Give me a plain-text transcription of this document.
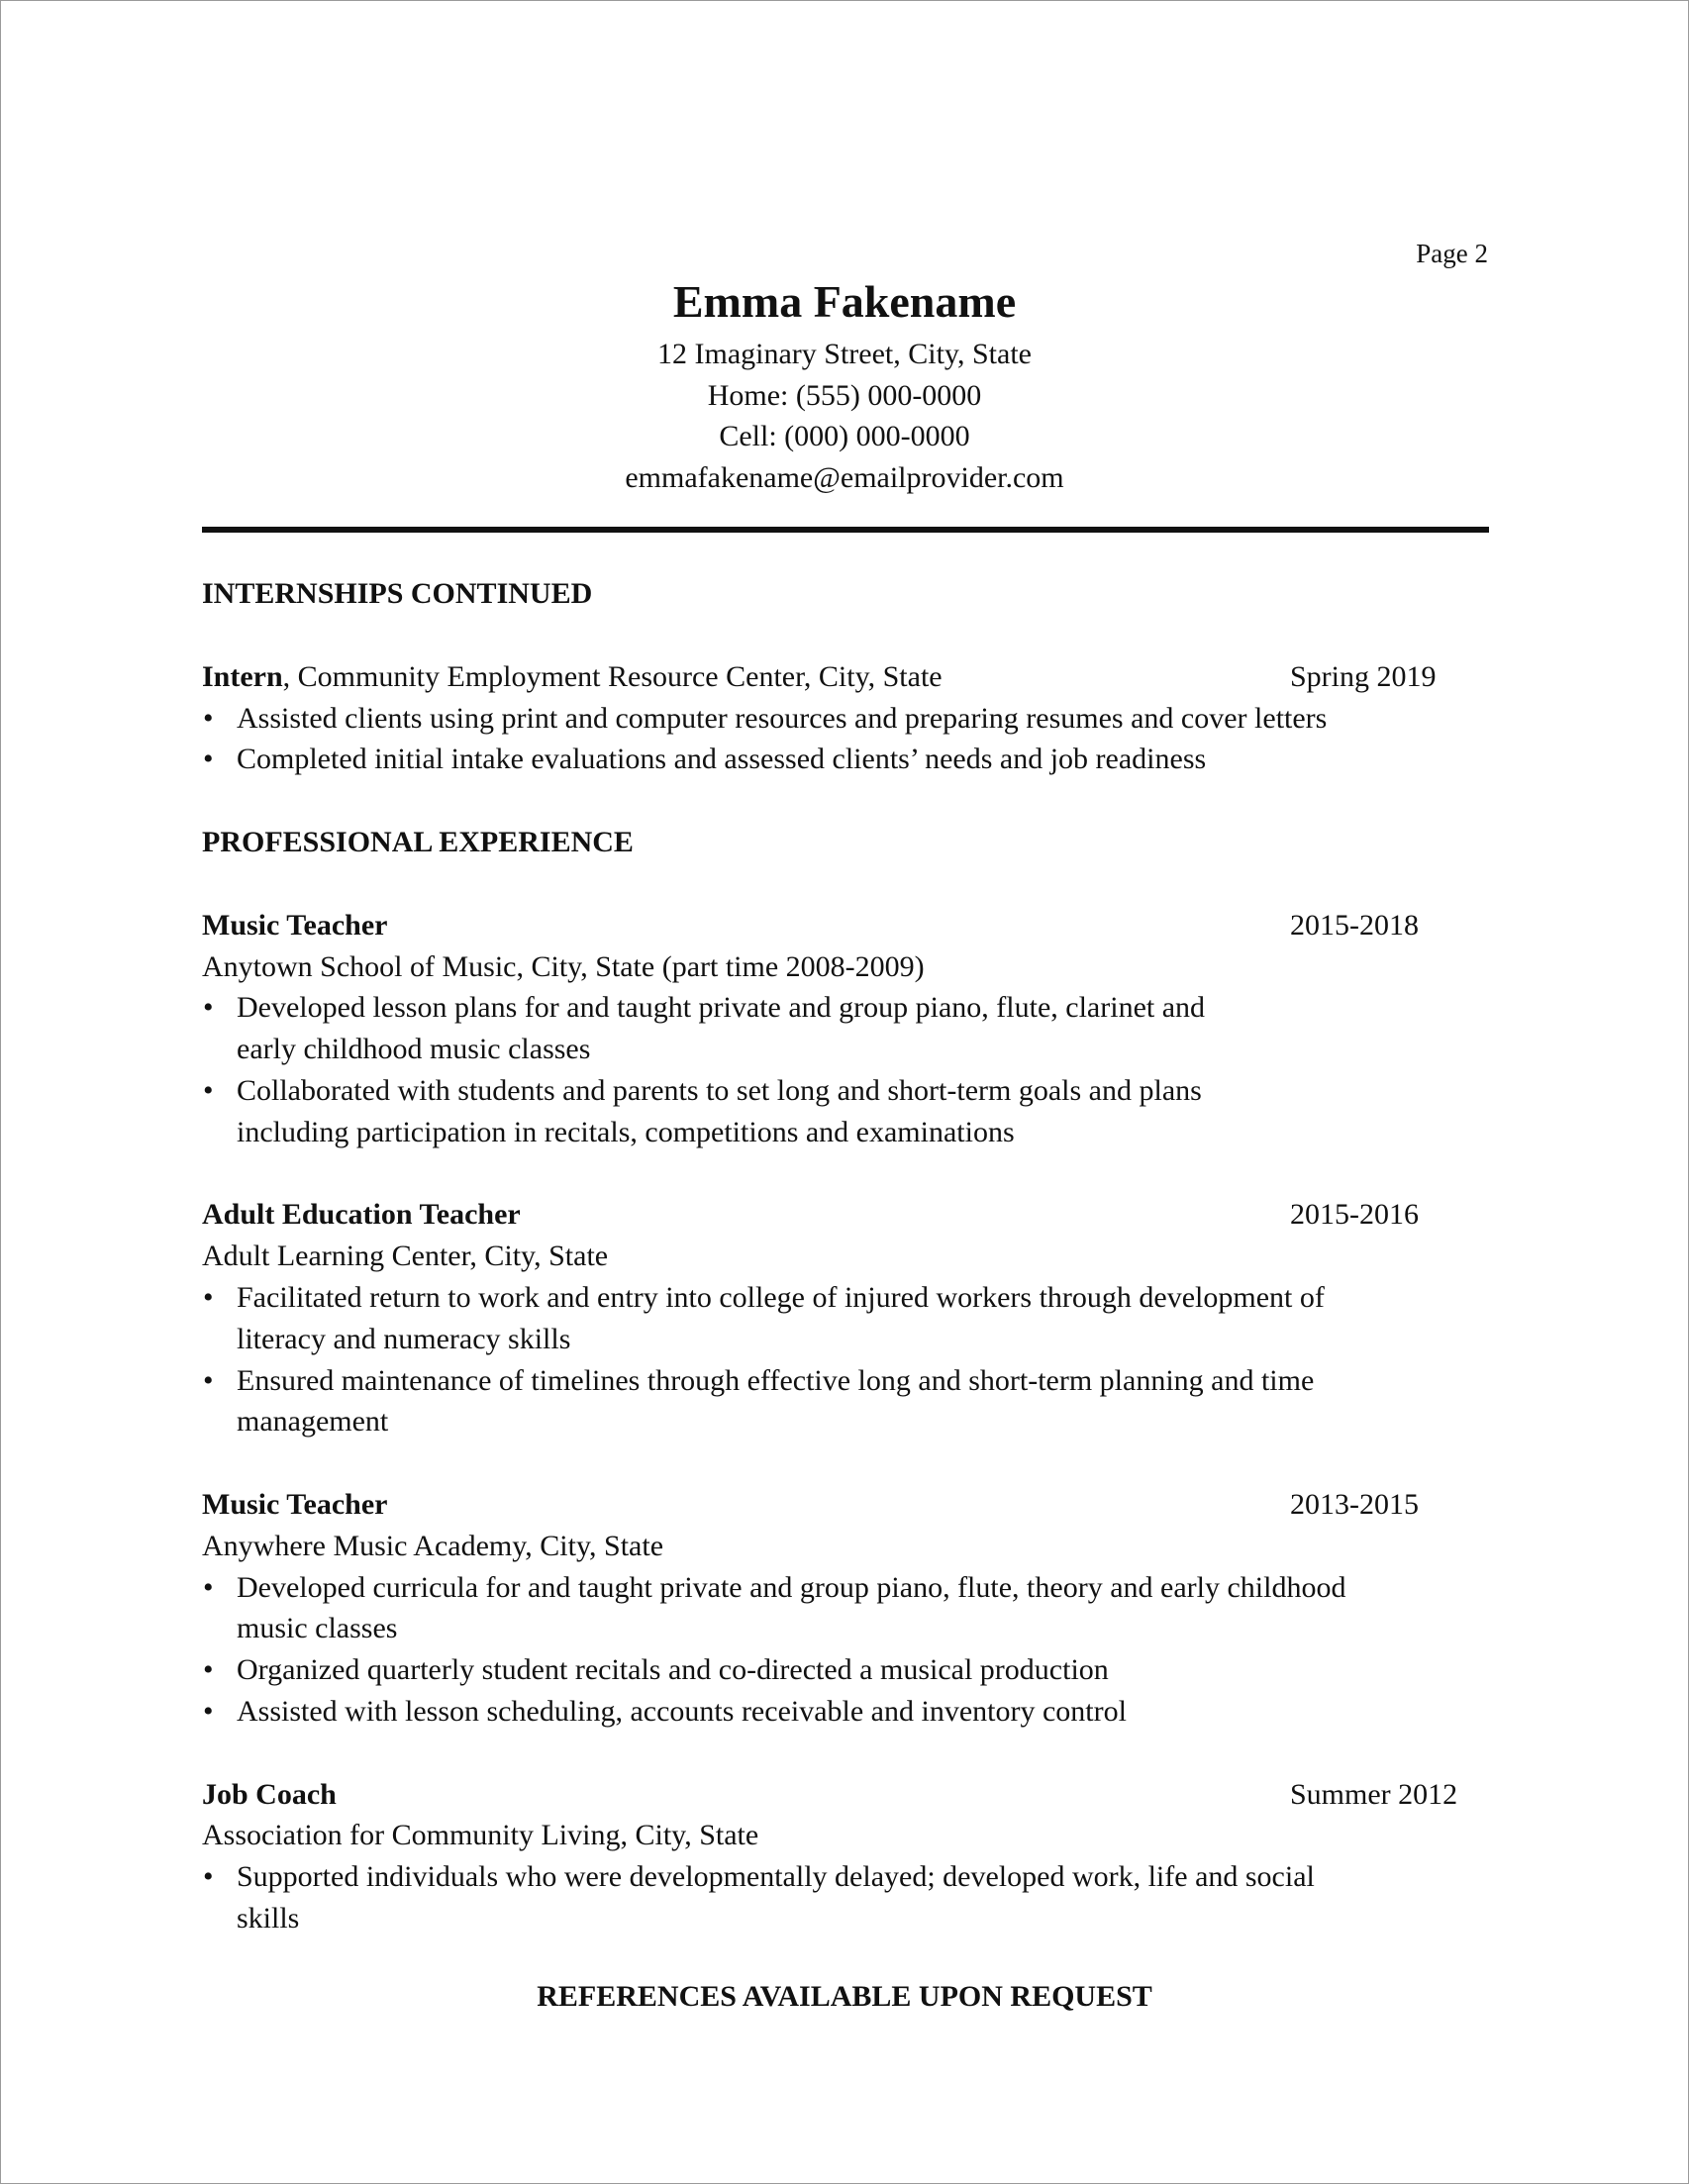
Page 2
Emma Fakename
12 Imaginary Street, City, State
Home: (555) 000-0000
Cell: (000) 000-0000
emmafakename@emailprovider.com
INTERNSHIPS CONTINUED
Intern, Community Employment Resource Center, City, State	Spring 2019
• Assisted clients using print and computer resources and preparing resumes and cover letters
• Completed initial intake evaluations and assessed clients’ needs and job readiness
PROFESSIONAL EXPERIENCE
Music Teacher	2015-2018
Anytown School of Music, City, State (part time 2008-2009)
• Developed lesson plans for and taught private and group piano, flute, clarinet and early childhood music classes
• Collaborated with students and parents to set long and short-term goals and plans including participation in recitals, competitions and examinations
Adult Education Teacher	2015-2016
Adult Learning Center, City, State
• Facilitated return to work and entry into college of injured workers through development of literacy and numeracy skills
• Ensured maintenance of timelines through effective long and short-term planning and time management
Music Teacher	2013-2015
Anywhere Music Academy, City, State
• Developed curricula for and taught private and group piano, flute, theory and early childhood music classes
• Organized quarterly student recitals and co-directed a musical production
• Assisted with lesson scheduling, accounts receivable and inventory control
Job Coach	Summer 2012
Association for Community Living, City, State
• Supported individuals who were developmentally delayed; developed work, life and social skills
REFERENCES AVAILABLE UPON REQUEST
